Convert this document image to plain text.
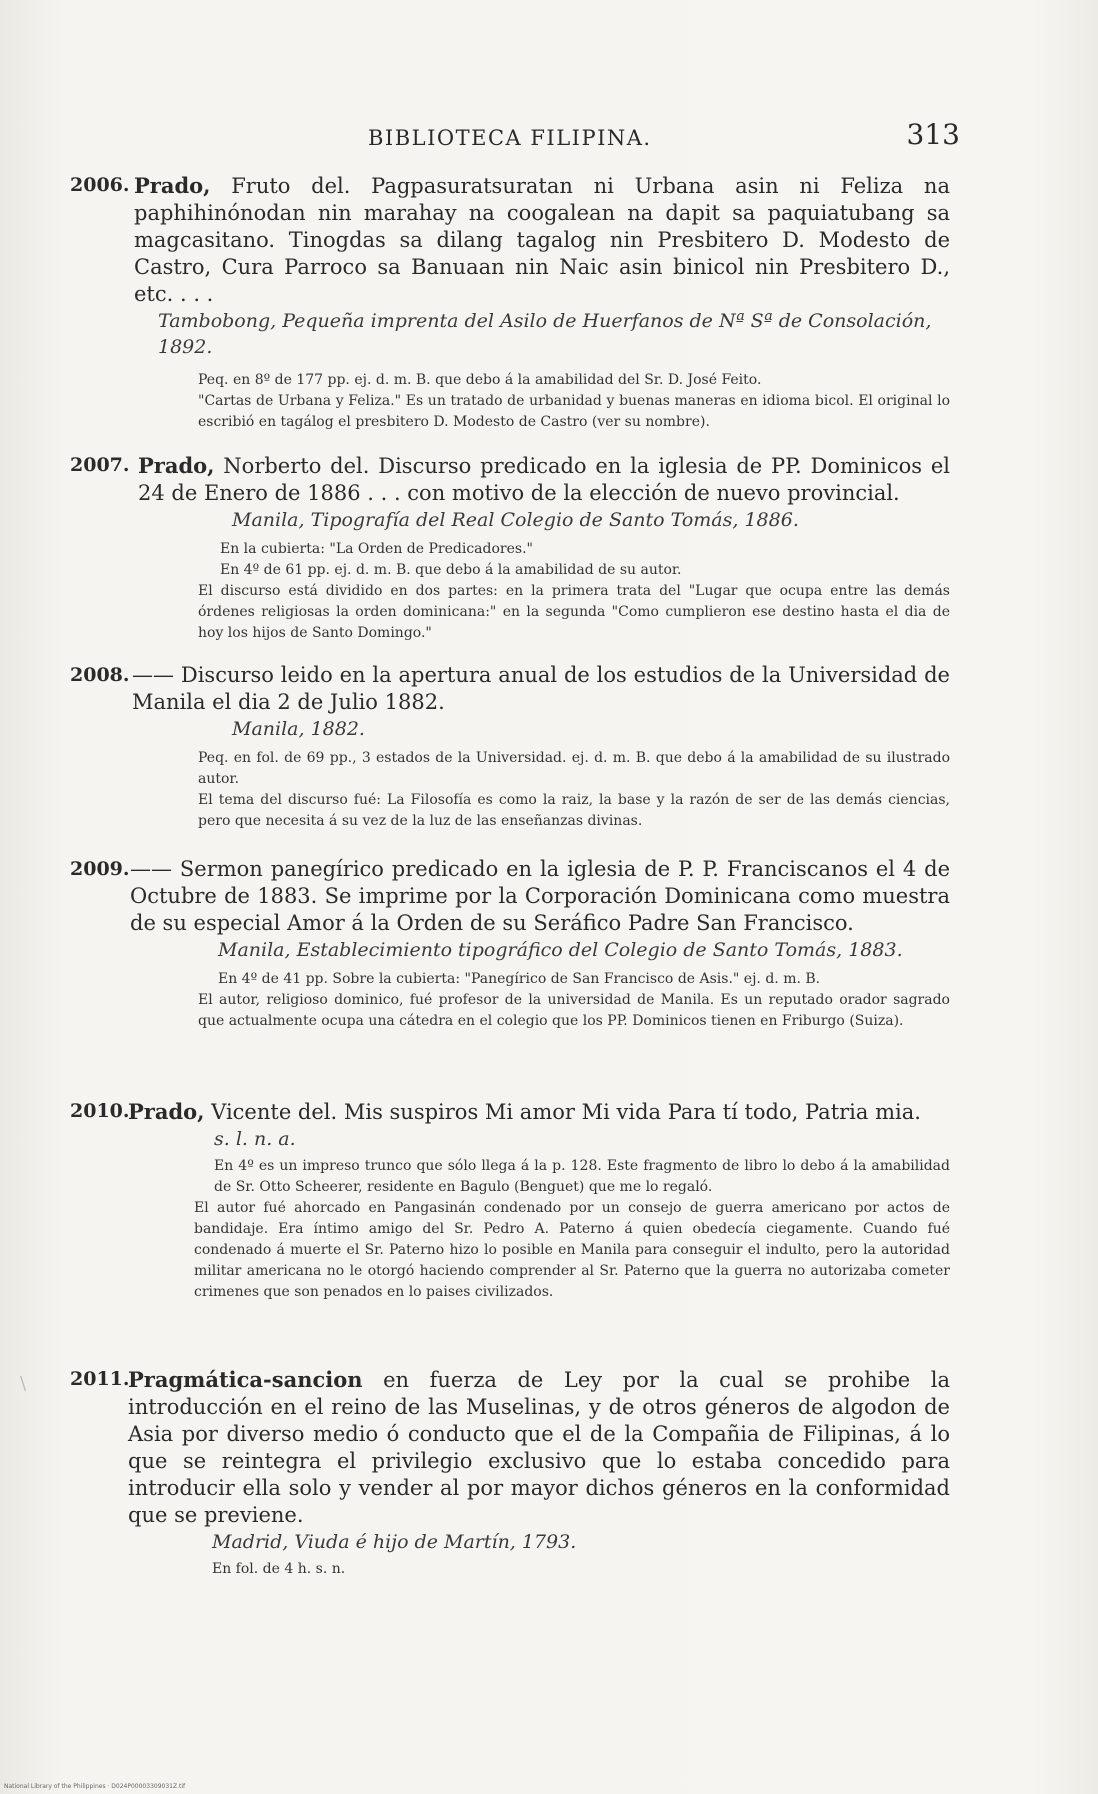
BIBLIOTECA FILIPINA.	313
2006. Prado, Fruto del. Pagpasuratsuratan ni Urbana asin ni Feliza na paphihinónodan nin marahay na coogalean na dapit sa paquiatubang sa magcasitano. Tinogdas sa dilang tagalog nin Presbitero D. Modesto de Castro, Cura Parroco sa Banuaan nin Naic asin binicol nin Presbitero D., etc. . . .
Tambobong, Pequeña imprenta del Asilo de Huerfanos de Nª Sª de Consolación, 1892.
Peq. en 8º de 177 pp. ej. d. m. B. que debo á la amabilidad del Sr. D. José Feito.
"Cartas de Urbana y Feliza." Es un tratado de urbanidad y buenas maneras en idioma bicol. El original lo escribió en tagálog el presbitero D. Modesto de Castro (ver su nombre).
2007. Prado, Norberto del. Discurso predicado en la iglesia de PP. Dominicos el 24 de Enero de 1886 . . . con motivo de la elección de nuevo provincial.
Manila, Tipografía del Real Colegio de Santo Tomás, 1886.
En la cubierta: "La Orden de Predicadores."
En 4º de 61 pp. ej. d. m. B. que debo á la amabilidad de su autor.
El discurso está dividido en dos partes: en la primera trata del "Lugar que ocupa entre las demás órdenes religiosas la orden dominicana:" en la segunda "Como cumplieron ese destino hasta el dia de hoy los hijos de Santo Domingo."
2008. —— Discurso leido en la apertura anual de los estudios de la Universidad de Manila el dia 2 de Julio 1882.
Manila, 1882.
Peq. en fol. de 69 pp., 3 estados de la Universidad. ej. d. m. B. que debo á la amabilidad de su ilustrado autor.
El tema del discurso fué: La Filosofía es como la raiz, la base y la razón de ser de las demás ciencias, pero que necesita á su vez de la luz de las enseñanzas divinas.
2009. —— Sermon panegírico predicado en la iglesia de P. P. Franciscanos el 4 de Octubre de 1883. Se imprime por la Corporación Dominicana como muestra de su especial Amor á la Orden de su Seráfico Padre San Francisco.
Manila, Establecimiento tipográfico del Colegio de Santo Tomás, 1883.
En 4º de 41 pp. Sobre la cubierta: "Panegírico de San Francisco de Asis." ej. d. m. B.
El autor, religioso dominico, fué profesor de la universidad de Manila. Es un reputado orador sagrado que actualmente ocupa una cátedra en el colegio que los PP. Dominicos tienen en Friburgo (Suiza).
2010.
Prado, Vicente del. Mis suspiros Mi amor Mi vida Para tí todo, Patria mia.
s. l. n. a.
En 4º es un impreso trunco que sólo llega á la p. 128. Este fragmento de libro lo debo á la amabilidad de Sr. Otto Scheerer, residente en Bagulo (Benguet) que me lo regaló.
El autor fué ahorcado en Pangasinán condenado por un consejo de guerra americano por actos de bandidaje. Era íntimo amigo del Sr. Pedro A. Paterno á quien obedecía ciegamente. Cuando fué condenado á muerte el Sr. Paterno hizo lo posible en Manila para conseguir el indulto, pero la autoridad militar americana no le otorgó haciendo comprender al Sr. Paterno que la guerra no autorizaba cometer crimenes que son penados en lo paises civilizados.
2011.
Pragmática-sancion en fuerza de Ley por la cual se prohibe la introducción en el reino de las Muselinas, y de otros géneros de algodon de Asia por diverso medio ó conducto que el de la Compañia de Filipinas, á lo que se reintegra el privilegio exclusivo que lo estaba concedido para introducir ella solo y vender al por mayor dichos géneros en la conformidad que se previene.
Madrid, Viuda é hijo de Martín, 1793.
En fol. de 4 h. s. n.
\
National Library of the Philippines · D024P00003309031Z.tif
